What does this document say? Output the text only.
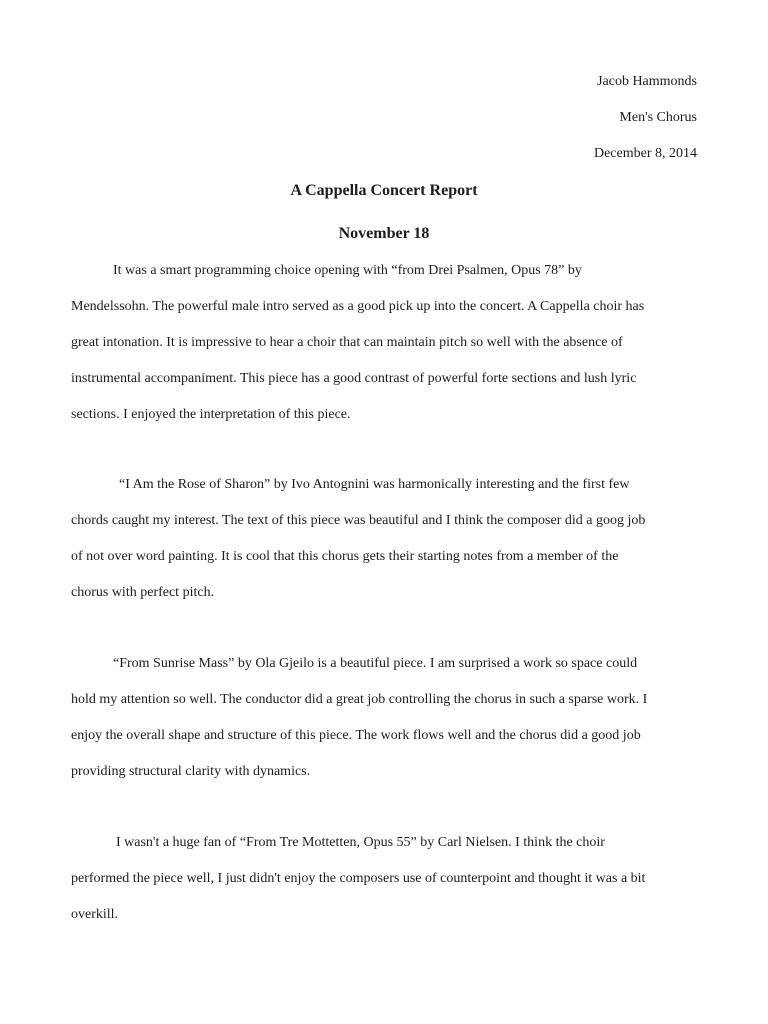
Jacob Hammonds
Men's Chorus
December 8, 2014
A Cappella Concert Report
November 18
It was a smart programming choice opening with “from Drei Psalmen, Opus 78” by
Mendelssohn. The powerful male intro served as a good pick up into the concert. A Cappella choir has
great intonation. It is impressive to hear a choir that can maintain pitch so well with the absence of
instrumental accompaniment. This piece has a good contrast of powerful forte sections and lush lyric
sections. I enjoyed the interpretation of this piece.
“I Am the Rose of Sharon” by Ivo Antognini was harmonically interesting and the first few
chords caught my interest. The text of this piece was beautiful and I think the composer did a goog job
of not over word painting. It is cool that this chorus gets their starting notes from a member of the
chorus with perfect pitch.
“From Sunrise Mass” by Ola Gjeilo is a beautiful piece. I am surprised a work so space could
hold my attention so well. The conductor did a great job controlling the chorus in such a sparse work. I
enjoy the overall shape and structure of this piece. The work flows well and the chorus did a good job
providing structural clarity with dynamics.
I wasn't a huge fan of “From Tre Mottetten, Opus 55” by Carl Nielsen. I think the choir
performed the piece well, I just didn't enjoy the composers use of counterpoint and thought it was a bit
overkill.
